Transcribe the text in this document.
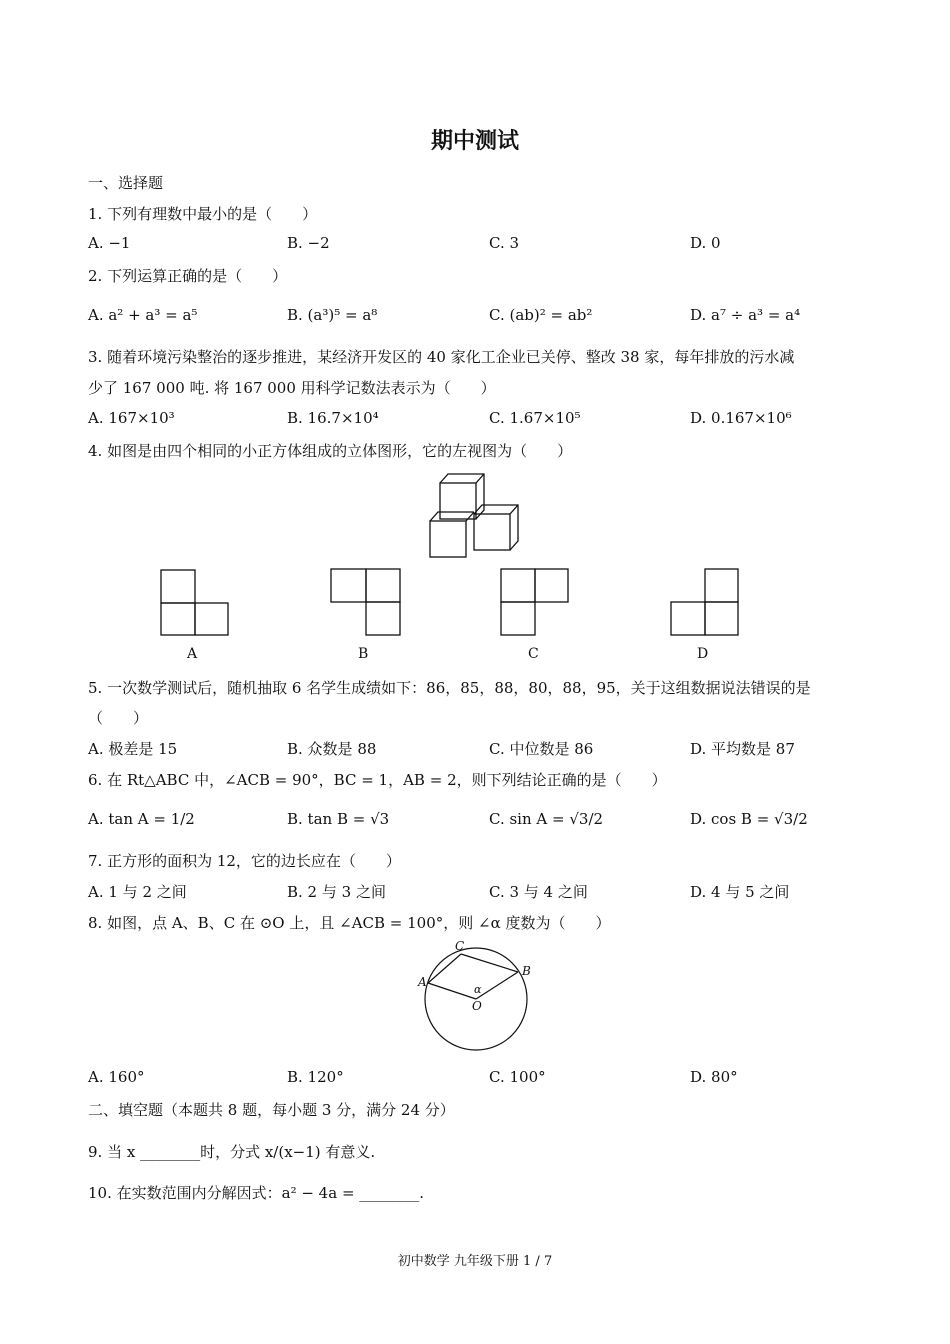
期中测试
一、选择题
1. 下列有理数中最小的是（　　）
A. −1	B. −2	C. 3	D. 0
2. 下列运算正确的是（　　）
A. a² + a³ = a⁵	B. (a³)⁵ = a⁸	C. (ab)² = ab²	D. a⁷ ÷ a³ = a⁴
3. 随着环境污染整治的逐步推进，某经济开发区的 40 家化工企业已关停、整改 38 家，每年排放的污水减
少了 167 000 吨. 将 167 000 用科学记数法表示为（　　）
A. 167×10³	B. 16.7×10⁴	C. 1.67×10⁵	D. 0.167×10⁶
4. 如图是由四个相同的小正方体组成的立体图形，它的左视图为（　　）
A	B	C	D
5. 一次数学测试后，随机抽取 6 名学生成绩如下：86，85，88，80，88，95，关于这组数据说法错误的是
（　　）
A. 极差是 15	B. 众数是 88	C. 中位数是 86	D. 平均数是 87
6. 在 Rt△ABC 中，∠ACB = 90°，BC = 1，AB = 2，则下列结论正确的是（　　）
A. tan A = 1/2	B. tan B = √3	C. sin A = √3/2	D. cos B = √3/2
7. 正方形的面积为 12，它的边长应在（　　）
A. 1 与 2 之间	B. 2 与 3 之间	C. 3 与 4 之间	D. 4 与 5 之间
8. 如图，点 A、B、C 在 ⊙O 上，且 ∠ACB = 100°，则 ∠α 度数为（　　）
A
B
C
O
α
A. 160°	B. 120°	C. 100°	D. 80°
二、填空题（本题共 8 题，每小题 3 分，满分 24 分）
9. 当 x ________时，分式 x/(x−1) 有意义.
10. 在实数范围内分解因式：a² − 4a = ________.
初中数学 九年级下册 1 / 7
